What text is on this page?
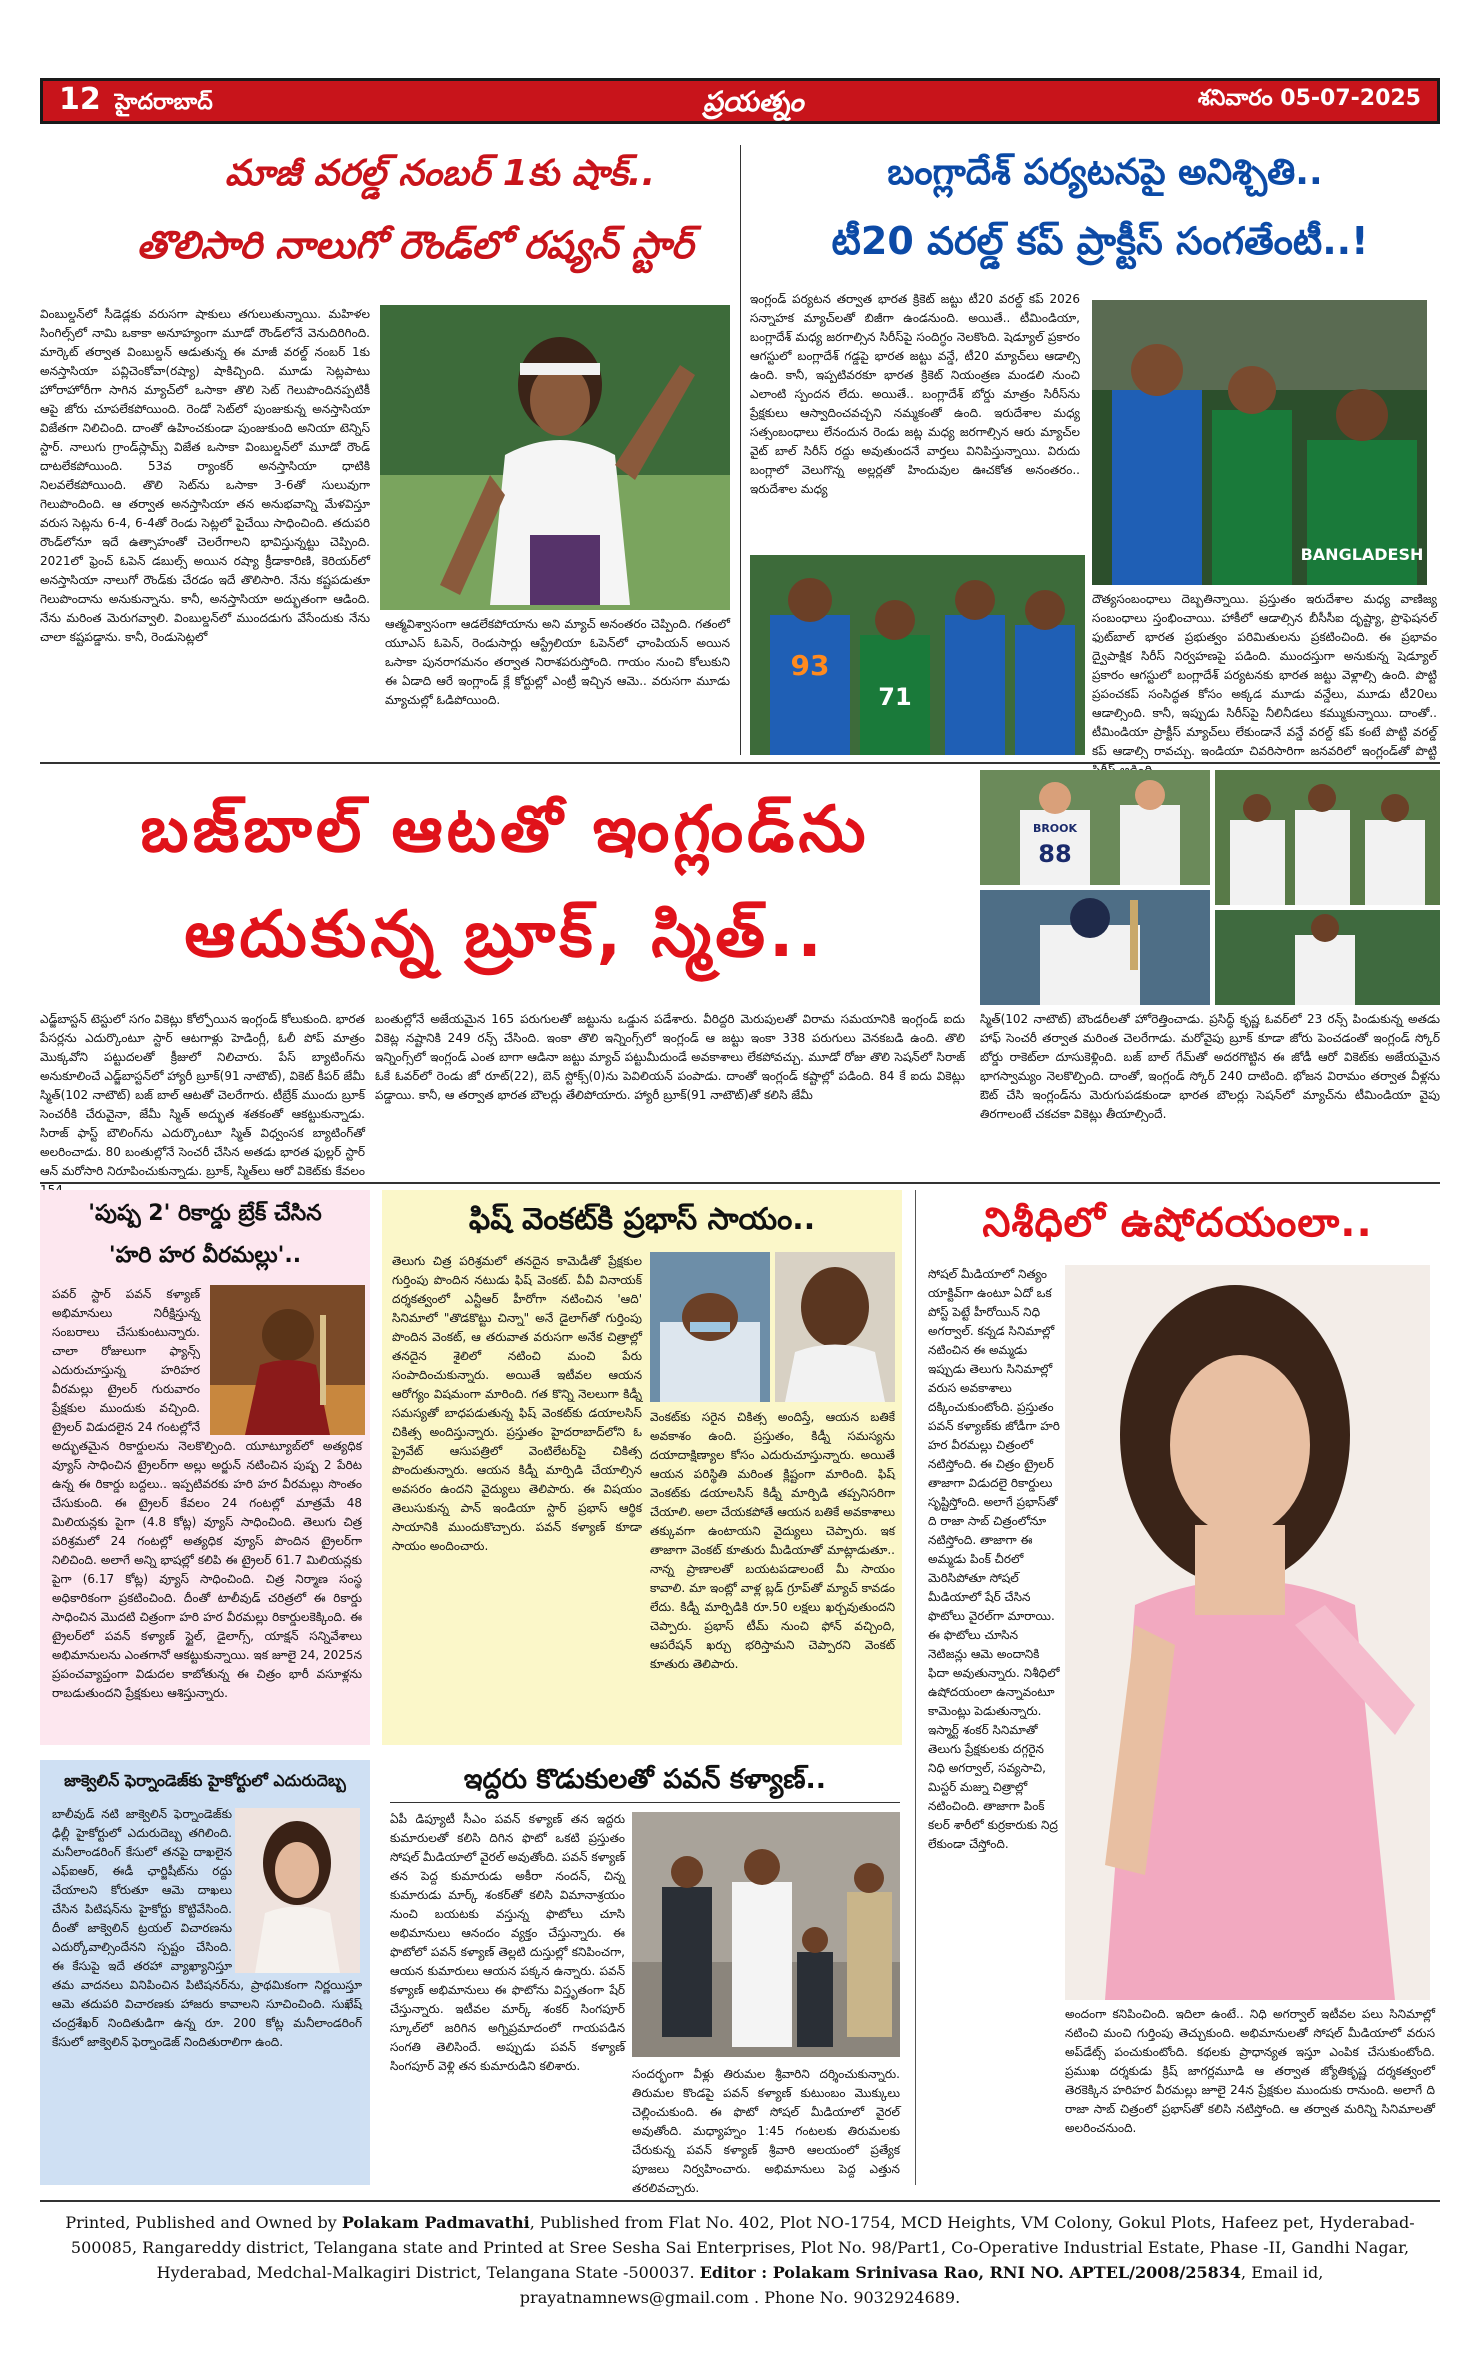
12 హైదరాబాద్	ప్రయత్నం	శనివారం 05-07-2025
మాజీ వరల్డ్ నంబర్ 1కు షాక్..
తొలిసారి నాలుగో రౌండ్‌లో రష్యన్ స్టార్
వింబుల్డన్‌లో సీడెడ్ల‌కు వరుసగా షాకులు తగులుతున్నాయి. మహిళల సింగిల్స్‌లో నామి ఒకాకా అనూహ్యంగా మూడో రౌండ్‌లోనే వెనుదిరిగింది. మార్కెట్ తర్వాత వింబుల్డన్ ఆడుతున్న ఈ మాజీ వరల్డ్ నంబర్ 1కు అనస్తాసియా పవ్లిచెంకోవా(రష్యా) షాకిచ్చింది. మూడు సెట్లపాటు హోరాహోరీగా సాగిన మ్యాచ్‌లో ఒసాకా తొలి సెట్ గెలుపొందినప్పటికీ ఆపై జోరు చూపలేకపోయింది. రెండో సెట్‌లో పుంజుకున్న అనస్తాసియా విజేతగా నిలిచింది. దాంతో ఉహించకుండా పుంజుకుంది అనియా టెన్నిస్ స్టార్. నాలుగు గ్రాండ్‌స్లామ్స్ విజేత ఒసాకా వింబుల్డన్‌లో మూడో రౌండ్ దాటలేకపోయింది. 53వ ర్యాంకర్ అనస్తాసియా ధాటికి నిలవలేకపోయింది. తొలి సెట్‌ను ఒసాకా 3-6తో సులువుగా గెలుపొందింది. ఆ తర్వాత అనస్తాసియా తన అనుభవాన్ని మేళవిస్తూ వరుస సెట్లను 6-4, 6-4తో రెండు సెట్లలో పైచేయి సాధించింది. తదుపరి రౌండ్‌లోనూ ఇదే ఉత్సాహంతో చెలరేగాలని భావిస్తున్నట్టు చెప్పింది. 2021లో ఫ్రెంచ్ ఓపెన్ డబుల్స్ అయిన రష్యా క్రీడాకారిణి, కెరియర్‌లో అనస్తాసియా నాలుగో రౌండ్‌కు చేరడం ఇదే తొలిసారి. నేను కష్టపడుతూ గెలుపొందాను అనుకున్నాను. కానీ, అనస్తాసియా అద్భుతంగా ఆడింది. నేను మరింత మెరుగవ్వాలి. వింబుల్డన్‌లో ముందడుగు వేసేందుకు నేను చాలా కష్టపడ్డాను. కానీ, రెండుసెట్లలో
ఆత్మవిశ్వాసంగా ఆడలేకపోయాను అని మ్యాచ్ అనంతరం చెప్పింది. గతంలో యూఎస్ ఓపెన్, రెండుసార్లు ఆస్ట్రేలియా ఓపెన్‌లో ఛాంపియన్ అయిన ఒసాకా పునరాగమనం తర్వాత నిరాశపరుస్తోంది. గాయం నుంచి కోలుకుని ఈ ఏడాది ఆరే ఇంగ్లాండ్ క్లే కోర్టుల్లో ఎంట్రీ ఇచ్చిన ఆమె.. వరుసగా మూడు మ్యాచుల్లో ఓడిపోయింది.
బంగ్లాదేశ్ పర్యటనపై అనిశ్చితి..
టీ20 వరల్డ్ కప్ ప్రాక్టీస్ సంగతేంటీ..!
ఇంగ్లండ్ పర్యటన తర్వాత భారత క్రికెట్ జట్టు టీ20 వరల్డ్ కప్ 2026 సన్నాహక మ్యాచ్‌లతో బిజీగా ఉండనుంది. అయితే.. టీమిండియా, బంగ్లాదేశ్ మధ్య జరగాల్సిన సిరీస్‌పై సందిగ్ధం నెలకొంది. షెడ్యూల్ ప్రకారం ఆగస్టులో బంగ్లాదేశ్ గడ్డపై భారత జట్టు వన్డే, టీ20 మ్యాచ్‌లు ఆడాల్సి ఉంది. కానీ, ఇప్పటివరకూ భారత క్రికెట్ నియంత్రణ మండలి నుంచి ఎలాంటి స్పందన లేదు. అయితే.. బంగ్లాదేశ్ బోర్డు మాత్రం సిరీస్‌ను ప్రేక్షకులు ఆస్వాదించవచ్చని నమ్మకంతో ఉంది. ఇరుదేశాల మధ్య సత్సంబంధాలు లేనందున రెండు జట్ల మధ్య జరగాల్సిన ఆరు మ్యాచ్‌ల వైట్ బాల్ సిరీస్ రద్దు అవుతుందనే వార్తలు వినిపిస్తున్నాయి. విరుదు బంగ్లాలో వెలుగొన్న అల్లర్లతో హిందువుల ఊచకోత అనంతరం.. ఇరుదేశాల మధ్య
BANGLADESH
93
71
దౌత్యసంబంధాలు దెబ్బతిన్నాయి. ప్రస్తుతం ఇరుదేశాల మధ్య వాణిజ్య సంబంధాలు స్తంభించాయి. హాకీలో ఆడాల్సిన బీసీసీఐ దృష్ట్యా, ప్రొఫెషనల్ ఫుట్‌బాల్ భారత ప్రభుత్వం పరిమితులను ప్రకటించింది. ఈ ప్రభావం ద్వైపాక్షిక సిరీస్ నిర్వహణపై పడింది. ముందస్తుగా అనుకున్న షెడ్యూల్ ప్రకారం ఆగస్టులో బంగ్లాదేశ్ పర్యటనకు భారత జట్టు వెళ్లాల్సి ఉంది. పొట్టి ప్రపంచకప్ సంసిద్ధత కోసం అక్కడ మూడు వన్డేలు, మూడు టీ20లు ఆడాల్సింది. కానీ, ఇప్పుడు సిరీస్‌పై నీలినీడలు కమ్ముకున్నాయి. దాంతో.. టీమిండియా ప్రాక్టీస్ మ్యాచ్‌లు లేకుండానే వన్డే వరల్డ్ కప్ కంటే పొట్టి వరల్డ్ కప్ ఆడాల్సి రావచ్చు. ఇండియా చివరిసారిగా జనవరిలో ఇంగ్లండ్‌తో పొట్టి
బజ్‌బాల్ ఆటతో ఇంగ్లండ్‌ను
ఆదుకున్న బ్రూక్, స్మిత్..
BROOK
88
ఎడ్జ్‌బాస్టన్ టెస్టులో సగం వికెట్లు కోల్పోయిన ఇంగ్లండ్ కోలుకుంది. భారత పేసర్లను ఎదుర్కొంటూ స్టార్ ఆటగాళ్లు హెడింగ్లీ, ఓలీ పోప్ మాత్రం మొక్కవోని పట్టుదలతో క్రీజులో నిలిచారు. పేస్ బ్యాటింగ్‌ను అనుకూలించే ఎడ్జ్‌బాస్టన్‌లో హ్యారీ బ్రూక్(91 నాటౌట్), వికెట్ కీపర్ జేమీ స్మిత్(102 నాటౌట్) బజ్ బాల్ ఆటతో చెలరేగారు. టీబ్రేక్ ముందు బ్రూక్ సెంచరీకి చేరువైనా, జేమీ స్మిత్ అద్భుత శతకంతో ఆకట్టుకున్నాడు. సిరాజ్ ఫాస్ట్ బౌలింగ్‌ను ఎదుర్కొంటూ స్మిత్ విధ్వంసక బ్యాటింగ్‌తో అలరించాడు. 80 బంతుల్లోనే సెంచరీ చేసిన అతడు భారత ఫుల్లర్ స్టార్ ఆన్ మరోసారి నిరూపించుకున్నాడు. బ్రూక్, స్మిత్‌లు ఆరో వికెట్‌కు కేవలం
బంతుల్లోనే అజేయమైన 165 పరుగులతో జట్టును ఒడ్డున పడేశారు. వీరిద్దరి మెరుపులతో విరామ సమయానికి ఇంగ్లండ్ ఐదు వికెట్ల నష్టానికి 249 రన్స్ చేసింది. ఇంకా తొలి ఇన్నింగ్స్‌లో ఇంగ్లండ్ ఆ జట్టు ఇంకా 338 పరుగులు వెనకబడి ఉంది. తొలి ఇన్నింగ్స్‌లో ఇంగ్లండ్ ఎంత బాగా ఆడినా జట్టు మ్యాచ్ పట్టుమీదుండే అవకాశాలు లేకపోవచ్చు. మూడో రోజు తొలి సెషన్‌లో సిరాజ్ ఓకే ఓవర్‌లో రెండు జో రూట్(22), బెన్ స్టోక్స్(0)ను పెవిలియన్ పంపాడు. దాంతో ఇంగ్లండ్ కష్టాల్లో పడింది. 84 కే ఐదు వికెట్లు పడ్డాయి. కానీ, ఆ తర్వాత భారత బౌలర్లు తేలిపోయారు. హ్యారీ బ్రూక్(91 నాటౌట్)తో కలిసి జేమీ
స్మిత్(102 నాటౌట్) బౌండరీలతో హోరెత్తించాడు. ప్రసిద్ధ్ కృష్ణ ఓవర్‌లో 23 రన్స్ పిండుకున్న అతడు హాఫ్ సెంచరీ తర్వాత మరింత చెలరేగాడు. మరోవైపు బ్రూక్ కూడా జోరు పెంచడంతో ఇంగ్లండ్ స్కోర్ బోర్డు రాకెట్‌లా దూసుకెళ్లింది. బజ్ బాల్ గేమ్‌తో అదరగొట్టిన ఈ జోడీ ఆరో వికెట్‌కు అజేయమైన భాగస్వామ్యం నెలకొల్పింది. దాంతో, ఇంగ్లండ్ స్కోర్ 240 దాటింది. భోజన విరామం తర్వాత వీళ్లను ఔట్ చేసి ఇంగ్లండ్‌ను మెరుగుపడకుండా భారత బౌలర్లు సెషన్‌లో మ్యాచ్‌ను టీమిండియా వైపు తిరగాలంటే చకచకా వికెట్లు తీయాల్సిందే.
'పుష్ప 2' రికార్డు బ్రేక్ చేసిన
'హరి హర వీరమల్లు'..
పవర్ స్టార్ పవన్ కళ్యాణ్ అభిమానులు నిరీక్షిస్తున్న సంబరాలు చేసుకుంటున్నారు. చాలా రోజులుగా ఫ్యాన్స్ ఎదురుచూస్తున్న హరిహర వీరమల్లు ట్రైలర్ గురువారం ప్రేక్షకుల ముందుకు వచ్చింది. ట్రైలర్ విడుదలైన 24 గంటల్లోనే అద్భుతమైన రికార్డులను నెలకొల్పింది. యూట్యూబ్‌లో అత్యధిక వ్యూస్ సాధించిన ట్రైలర్‌గా అల్లు అర్జున్ నటించిన పుష్ప 2 పేరిట ఉన్న ఈ రికార్డు బద్దలు.. ఇప్పటివరకు హరి హర వీరమల్లు సొంతం చేసుకుంది. ఈ ట్రైలర్ కేవలం 24 గంటల్లో మాత్రమే 48 మిలియన్లకు పైగా (4.8 కోట్ల) వ్యూస్ సాధించింది. తెలుగు చిత్ర పరిశ్రమలో 24 గంటల్లో అత్యధిక వ్యూస్ పొందిన ట్రైలర్‌గా నిలిచింది. అలాగే అన్ని భాషల్లో కలిపి ఈ ట్రైలర్ 61.7 మిలియన్లకు పైగా (6.17 కోట్ల) వ్యూస్ సాధించింది. చిత్ర నిర్మాణ సంస్థ అధికారికంగా ప్రకటించింది. దీంతో టాలీవుడ్ చరిత్రలో ఈ రికార్డు సాధించిన మొదటి చిత్రంగా హరి హర వీరమల్లు రికార్డులకెక్కింది. ఈ ట్రైలర్‌లో పవన్ కళ్యాణ్ స్టైల్, డైలాగ్స్, యాక్షన్ సన్నివేశాలు అభిమానులను ఎంతగానో ఆకట్టుకున్నాయి. ఇక జూలై 24, 2025న ప్రపంచవ్యాప్తంగా విడుదల కాబోతున్న ఈ చిత్రం భారీ వసూళ్లను రాబడుతుందని ప్రేక్షకులు ఆశిస్తున్నారు.
జాక్వెలిన్ ఫెర్నాండెజ్‌కు హైకోర్టులో ఎదురుదెబ్బ
బాలీవుడ్ నటి జాక్వెలిన్ ఫెర్నాండెజ్‌కు ఢిల్లీ హైకోర్టులో ఎదురుదెబ్బ తగిలింది. మనీలాండరింగ్ కేసులో తనపై దాఖలైన ఎఫ్ఐఆర్, ఈడీ ఛార్జిషీట్‌ను రద్దు చేయాలని కోరుతూ ఆమె దాఖలు చేసిన పిటిషన్‌ను హైకోర్టు కొట్టివేసింది. దీంతో జాక్వెలిన్ ట్రయల్ విచారణను ఎదుర్కోవాల్సిందేనని స్పష్టం చేసింది. ఈ కేసుపై ఇదే తరహా వ్యాఖ్యానిస్తూ తమ వాదనలు వినిపించిన పిటిషనర్‌ను, ప్రాథమికంగా నిర్ణయిస్తూ ఆమె తదుపరి విచారణకు హాజరు కావాలని సూచించింది. సుఖేష్ చంద్రశేఖర్ నిందితుడిగా ఉన్న రూ. 200 కోట్ల మనీలాండరింగ్ కేసులో జాక్వెలిన్ ఫెర్నాండెజ్ నిందితురాలిగా ఉంది.
ఫిష్ వెంకట్‌కి ప్రభాస్ సాయం..
తెలుగు చిత్ర పరిశ్రమలో తనదైన కామెడీతో ప్రేక్షకుల గుర్తింపు పొందిన నటుడు ఫిష్ వెంకట్. వీవీ వినాయక్ దర్శకత్వంలో ఎన్టీఆర్ హీరోగా నటించిన 'ఆది' సినిమాలో "తొడకొట్టు చిన్నా" అనే డైలాగ్‌తో గుర్తింపు పొందిన వెంకట్, ఆ తరువాత వరుసగా అనేక చిత్రాల్లో తనదైన శైలిలో నటించి మంచి పేరు సంపాదించుకున్నారు. అయితే ఇటీవల ఆయన ఆరోగ్యం విషమంగా మారింది. గత కొన్ని నెలలుగా కిడ్నీ సమస్యతో బాధపడుతున్న ఫిష్ వెంకట్‌కు డయాలసిస్ చికిత్స అందిస్తున్నారు. ప్రస్తుతం హైదరాబాద్‌లోని ఓ ప్రైవేట్ ఆసుపత్రిలో వెంటిలేటర్‌పై చికిత్స పొందుతున్నారు. ఆయన కిడ్నీ మార్పిడి చేయాల్సిన అవసరం ఉందని వైద్యులు తెలిపారు. ఈ విషయం తెలుసుకున్న పాన్ ఇండియా స్టార్ ప్రభాస్ ఆర్థిక సాయానికి ముందుకొచ్చారు. పవన్ కళ్యాణ్ కూడా సాయం అందించారు.
వెంకట్‌కు సరైన చికిత్స అందిస్తే, ఆయన బతికే అవకాశం ఉంది. ప్రస్తుతం, కిడ్నీ సమస్యను దయాదాక్షిణ్యాల కోసం ఎదురుచూస్తున్నారు. అయితే ఆయన పరిస్థితి మరింత క్లిష్టంగా మారింది. ఫిష్ వెంకట్‌కు డయాలసిస్ కిడ్నీ మార్పిడి తప్పనిసరిగా చేయాలి. అలా చేయకపోతే ఆయన బతికే అవకాశాలు తక్కువగా ఉంటాయని వైద్యులు చెప్పారు. ఇక తాజాగా వెంకట్ కూతురు మీడియాతో మాట్లాడుతూ.. నాన్న ప్రాణాలతో బయటపడాలంటే మీ సాయం కావాలి. మా ఇంట్లో వాళ్ల బ్లడ్ గ్రూప్‌తో మ్యాచ్ కావడం లేదు. కిడ్నీ మార్పిడికి రూ.50 లక్షలు ఖర్చవుతుందని చెప్పారు. ప్రభాస్ టీమ్ నుంచి ఫోన్ వచ్చింది, ఆపరేషన్ ఖర్చు భరిస్తామని చెప్పారని వెంకట్ కూతురు తెలిపారు.
ఇద్దరు కొడుకులతో పవన్ కళ్యాణ్..
ఏపీ డిప్యూటీ సీఎం పవన్ కళ్యాణ్ తన ఇద్దరు కుమారులతో కలిసి దిగిన ఫొటో ఒకటి ప్రస్తుతం సోషల్ మీడియాలో వైరల్ అవుతోంది. పవన్ కళ్యాణ్ తన పెద్ద కుమారుడు అకీరా నందన్, చిన్న కుమారుడు మార్క్ శంకర్‌తో కలిసి విమానాశ్రయం నుంచి బయటకు వస్తున్న ఫొటోలు చూసి అభిమానులు ఆనందం వ్యక్తం చేస్తున్నారు. ఈ ఫొటోలో పవన్ కళ్యాణ్ తెల్లటి దుస్తుల్లో కనిపించగా, ఆయన కుమారులు ఆయన పక్కన ఉన్నారు. పవన్ కళ్యాణ్ అభిమానులు ఈ ఫొటోను విస్తృతంగా షేర్ చేస్తున్నారు. ఇటీవల మార్క్ శంకర్ సింగపూర్ స్కూల్‌లో జరిగిన అగ్నిప్రమాదంలో గాయపడిన సంగతి తెలిసిందే. అప్పుడు పవన్ కళ్యాణ్ సింగపూర్ వెళ్లి తన కుమారుడిని కలిశారు.
సందర్భంగా వీళ్లు తిరుమల శ్రీవారిని దర్శించుకున్నారు. తిరుమల కొండపై పవన్ కళ్యాణ్ కుటుంబం మొక్కులు చెల్లించుకుంది. ఈ ఫొటో సోషల్ మీడియాలో వైరల్ అవుతోంది. మధ్యాహ్నం 1:45 గంటలకు తిరుమలకు చేరుకున్న పవన్ కళ్యాణ్ శ్రీవారి ఆలయంలో ప్రత్యేక పూజలు నిర్వహించారు. అభిమానులు పెద్ద ఎత్తున తరలివచ్చారు.
నిశీధిలో ఉషోదయంలా..
సోషల్ మీడియాలో నిత్యం యాక్టివ్‌గా ఉంటూ ఏదో ఒక పోస్ట్ పెట్టే హీరోయిన్ నిధి అగర్వాల్. కన్నడ సినిమాల్లో నటించిన ఈ అమ్మడు ఇప్పుడు తెలుగు సినిమాల్లో వరుస అవకాశాలు దక్కించుకుంటోంది. ప్రస్తుతం పవన్ కళ్యాణ్‌కు జోడీగా హరి హర వీరమల్లు చిత్రంలో నటిస్తోంది. ఈ చిత్రం ట్రైలర్ తాజాగా విడుదలై రికార్డులు సృష్టిస్తోంది. అలాగే ప్రభాస్‌తో ది రాజా సాబ్ చిత్రంలోనూ నటిస్తోంది. తాజాగా ఈ అమ్మడు పింక్ చీరలో మెరిసిపోతూ సోషల్ మీడియాలో షేర్ చేసిన ఫొటోలు వైరల్‌గా మారాయి. ఈ ఫొటోలు చూసిన నెటిజన్లు ఆమె అందానికి ఫిదా అవుతున్నారు. నిశీధిలో ఉషోదయంలా ఉన్నావంటూ కామెంట్లు పెడుతున్నారు. ఇస్మార్ట్ శంకర్ సినిమాతో తెలుగు ప్రేక్షకులకు దగ్గరైన నిధి అగర్వాల్, సవ్యసాచి, మిస్టర్ మజ్ను చిత్రాల్లో నటించింది. తాజాగా పింక్ కలర్ శారీలో కుర్రకారుకు నిద్ర లేకుండా చేస్తోంది.
అందంగా కనిపించింది. ఇదిలా ఉంటే.. నిధి అగర్వాల్ ఇటీవల పలు సినిమాల్లో నటించి మంచి గుర్తింపు తెచ్చుకుంది. అభిమానులతో సోషల్ మీడియాలో వరుస అప్‌డేట్స్ పంచుకుంటోంది. కథలకు ప్రాధాన్యత ఇస్తూ ఎంపిక చేసుకుంటోంది. ప్రముఖ దర్శకుడు క్రిష్ జాగర్లమూడి ఆ తర్వాత జ్యోతికృష్ణ దర్శకత్వంలో తెరకెక్కిన హరిహర వీరమల్లు జూలై 24న ప్రేక్షకుల ముందుకు రానుంది. అలాగే ది రాజా సాబ్ చిత్రంలో ప్రభాస్‌తో కలిసి నటిస్తోంది. ఆ తర్వాత మరిన్ని సినిమాలతో అలరించనుంది.
Printed, Published and Owned by Polakam Padmavathi, Published from Flat No. 402, Plot NO-1754, MCD Heights, VM Colony, Gokul Plots, Hafeez pet, Hyderabad-500085, Rangareddy district, Telangana state and Printed at Sree Sesha Sai Enterprises, Plot No. 98/Part1, Co-Operative Industrial Estate, Phase -II, Gandhi Nagar, Hyderabad, Medchal-Malkagiri District, Telangana State -500037. Editor : Polakam Srinivasa Rao, RNI NO. APTEL/2008/25834, Email id, prayatnamnews@gmail.com . Phone No. 9032924689.
